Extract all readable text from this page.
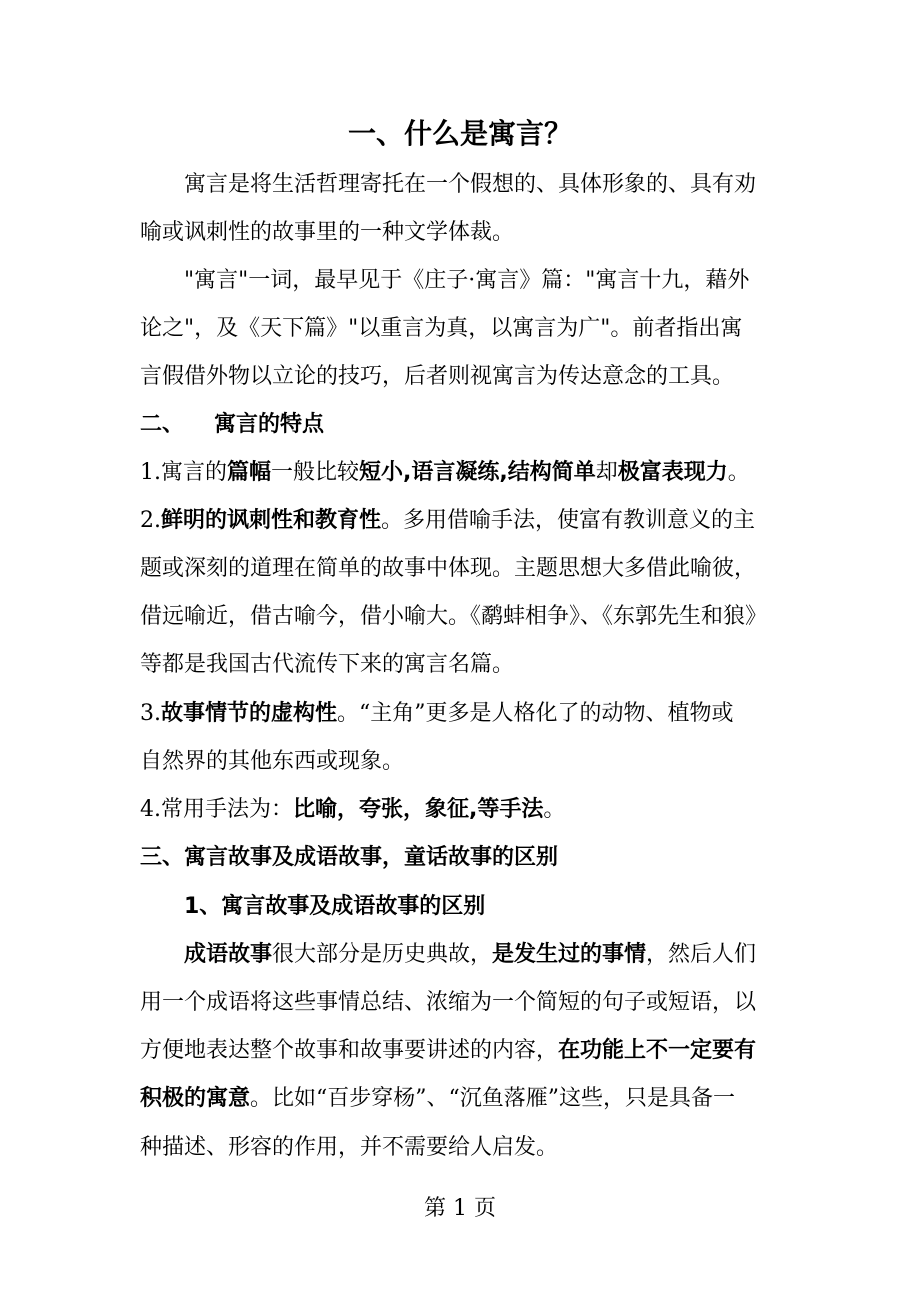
一、什么是寓言？
寓言是将生活哲理寄托在一个假想的、具体形象的、具有劝
喻或讽刺性的故事里的一种文学体裁。
"寓言"一词，最早见于《庄子·寓言》篇："寓言十九，藉外
论之"，及《天下篇》"以重言为真，以寓言为广"。前者指出寓
言假借外物以立论的技巧，后者则视寓言为传达意念的工具。
二、 寓言的特点
1.寓言的篇幅一般比较短小,语言凝练,结构简单却极富表现力。
2.鲜明的讽刺性和教育性。多用借喻手法，使富有教训意义的主
题或深刻的道理在简单的故事中体现。主题思想大多借此喻彼，
借远喻近，借古喻今，借小喻大。《鹬蚌相争》、《东郭先生和狼》
等都是我国古代流传下来的寓言名篇。
3.故事情节的虚构性。“主角”更多是人格化了的动物、植物或
自然界的其他东西或现象。
4.常用手法为：比喻，夸张，象征,等手法。
三、寓言故事及成语故事，童话故事的区别
1、寓言故事及成语故事的区别
成语故事很大部分是历史典故，是发生过的事情，然后人们
用一个成语将这些事情总结、浓缩为一个简短的句子或短语，以
方便地表达整个故事和故事要讲述的内容，在功能上不一定要有
积极的寓意。比如“百步穿杨”、“沉鱼落雁”这些，只是具备一
种描述、形容的作用，并不需要给人启发。
第 1 页
